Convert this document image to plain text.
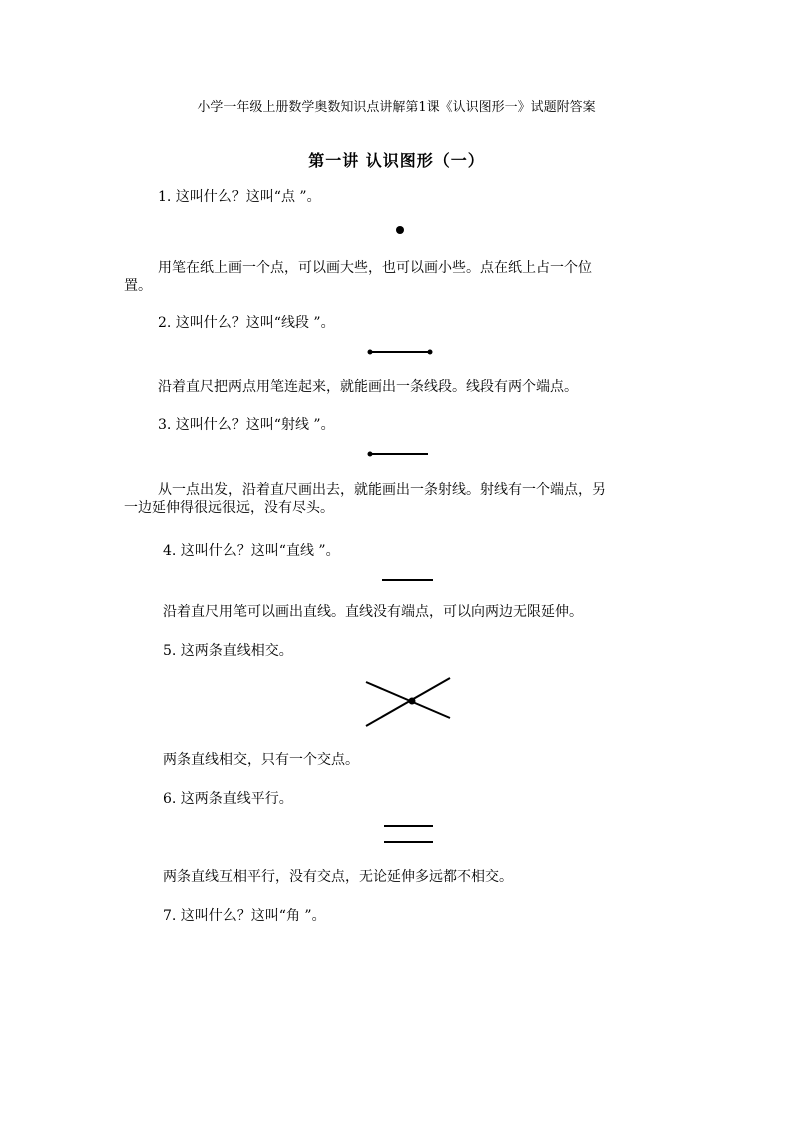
小学一年级上册数学奥数知识点讲解第1课《认识图形一》试题附答案
第一讲 认识图形（一）
1. 这叫什么？这叫“点 ”。
用笔在纸上画一个点，可以画大些，也可以画小些。点在纸上占一个位
置。
2. 这叫什么？这叫“线段 ”。
沿着直尺把两点用笔连起来，就能画出一条线段。线段有两个端点。
3. 这叫什么？这叫“射线 ”。
从一点出发，沿着直尺画出去，就能画出一条射线。射线有一个端点，另
一边延伸得很远很远，没有尽头。
4. 这叫什么？这叫“直线 ”。
沿着直尺用笔可以画出直线。直线没有端点，可以向两边无限延伸。
5. 这两条直线相交。
两条直线相交，只有一个交点。
6. 这两条直线平行。
两条直线互相平行，没有交点，无论延伸多远都不相交。
7. 这叫什么？这叫“角 ”。
